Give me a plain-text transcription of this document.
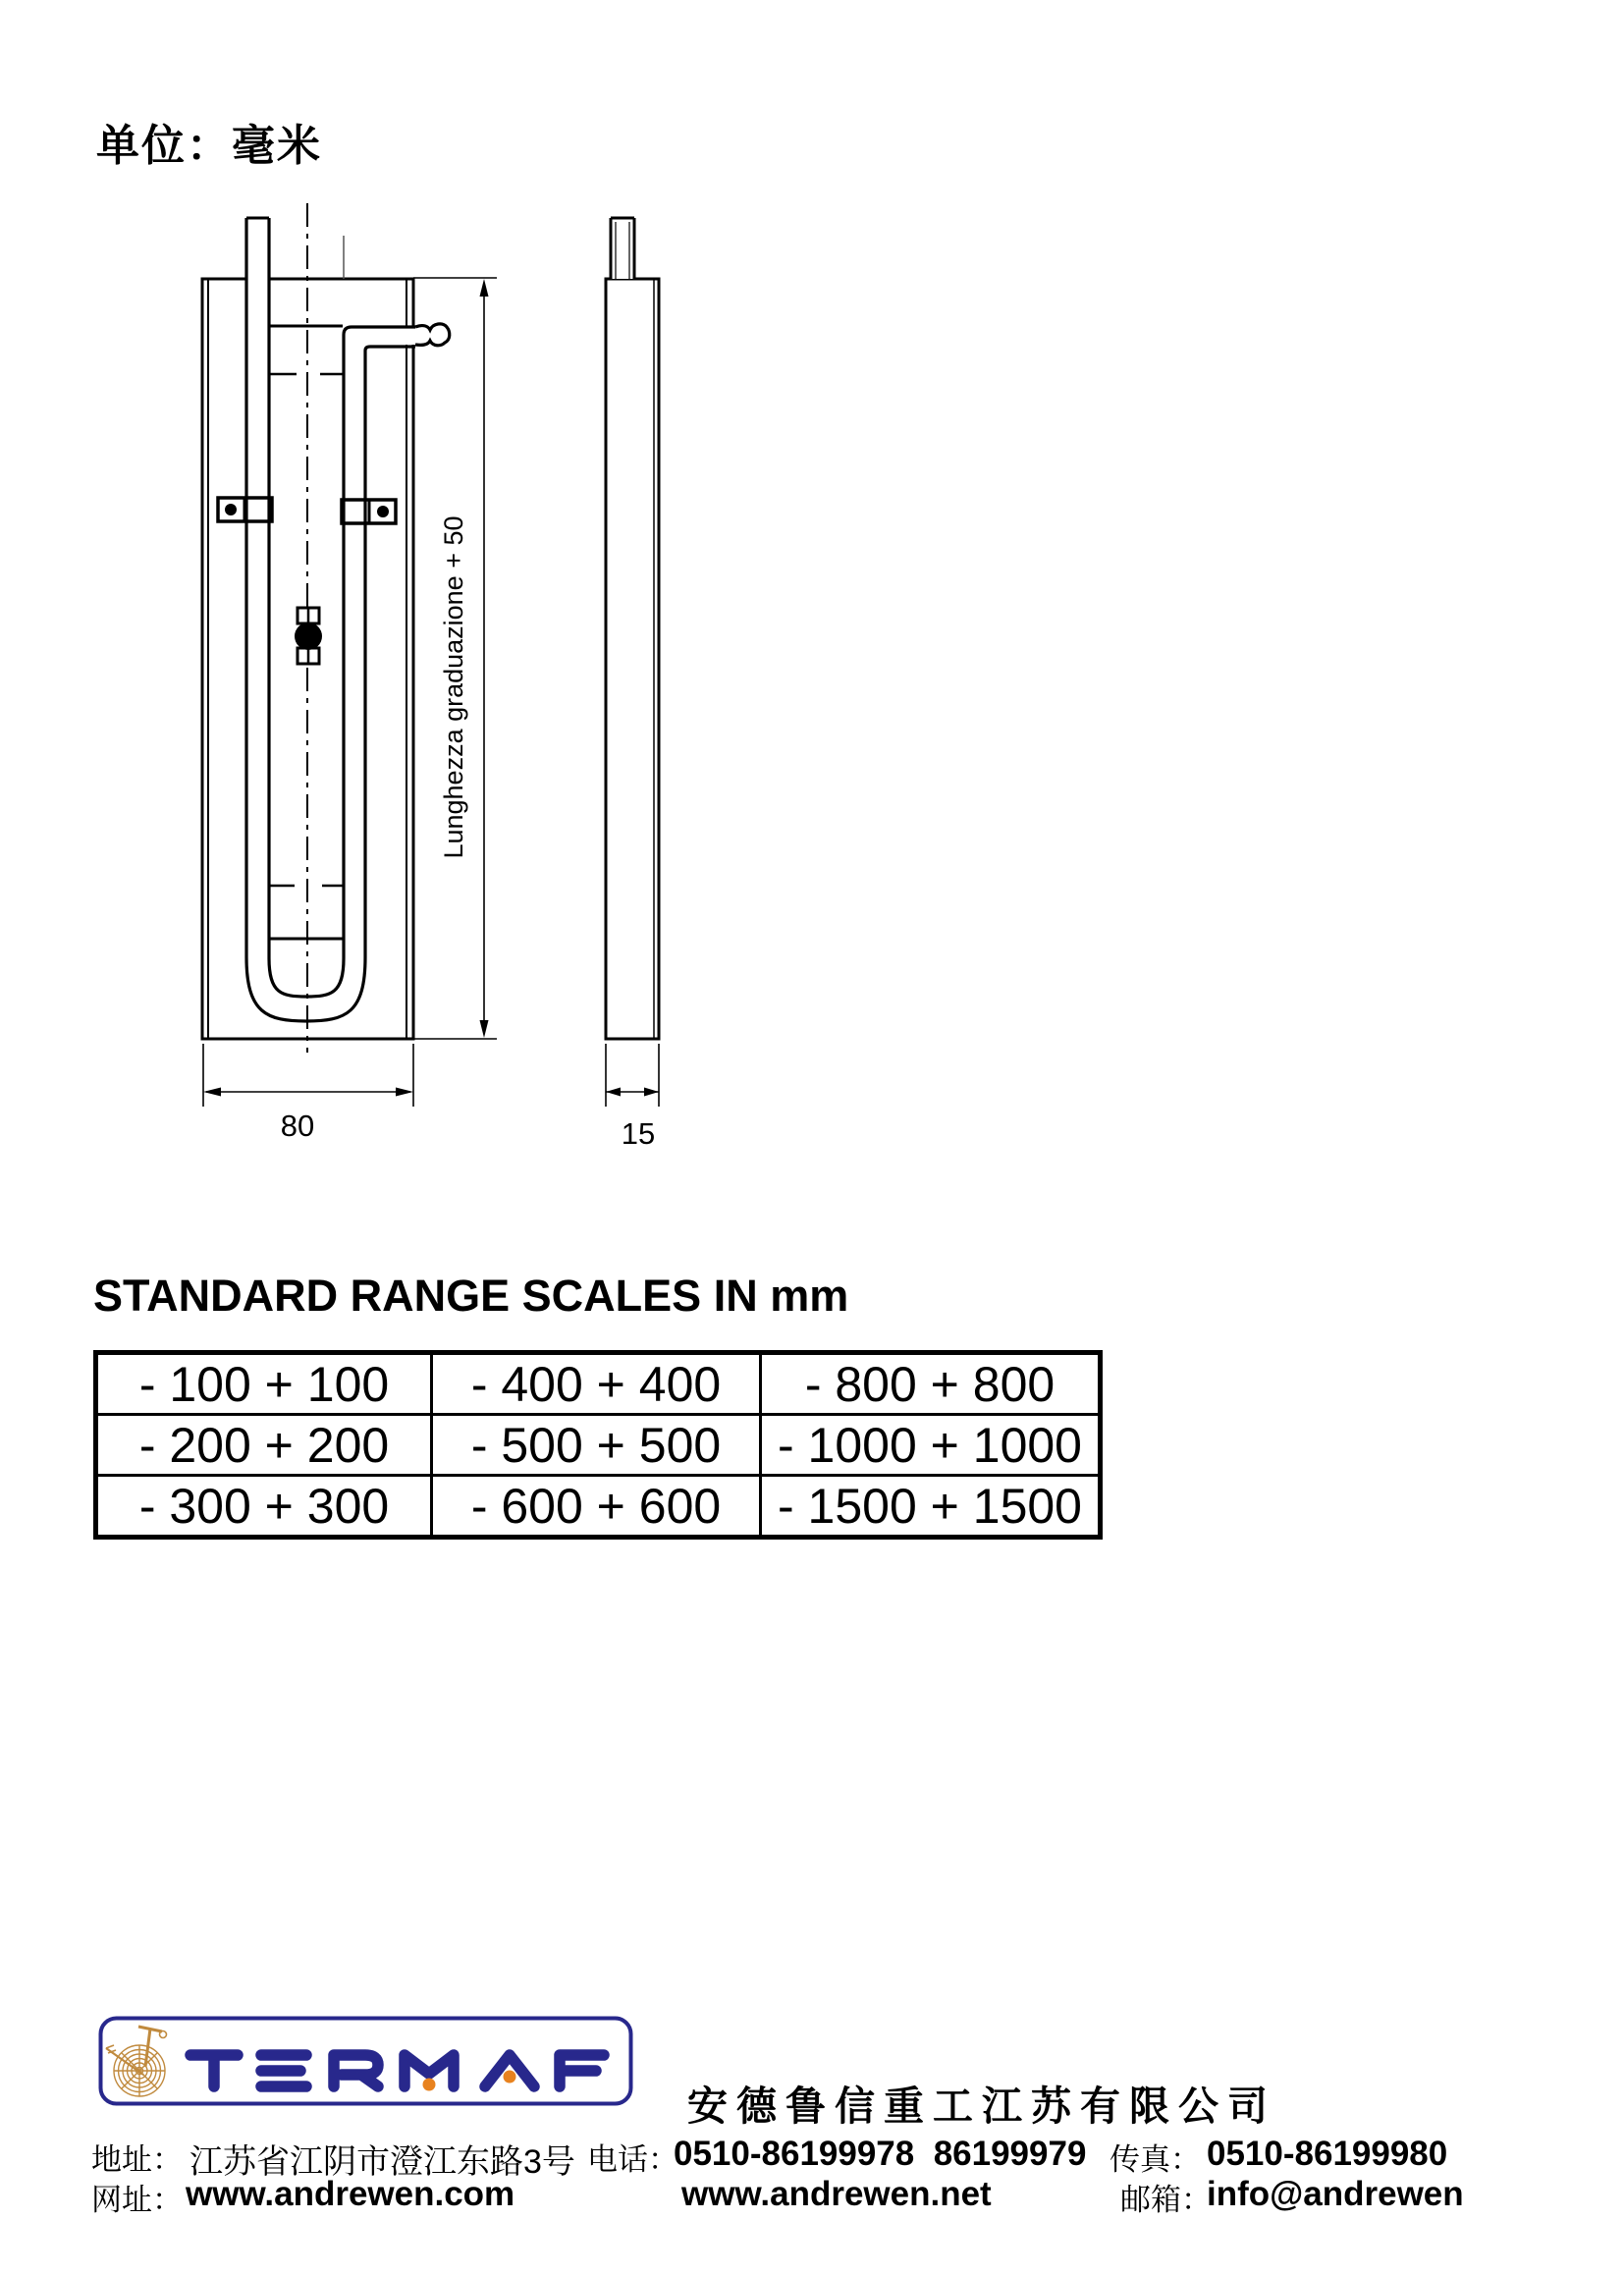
单位：毫米
Lunghezza graduazione + 50
80	15
STANDARD RANGE SCALES IN mm
- 100 + 100	- 400 + 400	- 800 + 800
- 200 + 200	- 500 + 500	- 1000 + 1000
- 300 + 300	- 600 + 600	- 1500 + 1500
安德鲁信重工江苏有限公司
地址： 江苏省江阴市澄江东路3号 电话：
0510-86199978  86199979 传真： 0510-86199980
网址： www.andrewen.com	www.andrewen.net	邮箱：
info@andrewen
